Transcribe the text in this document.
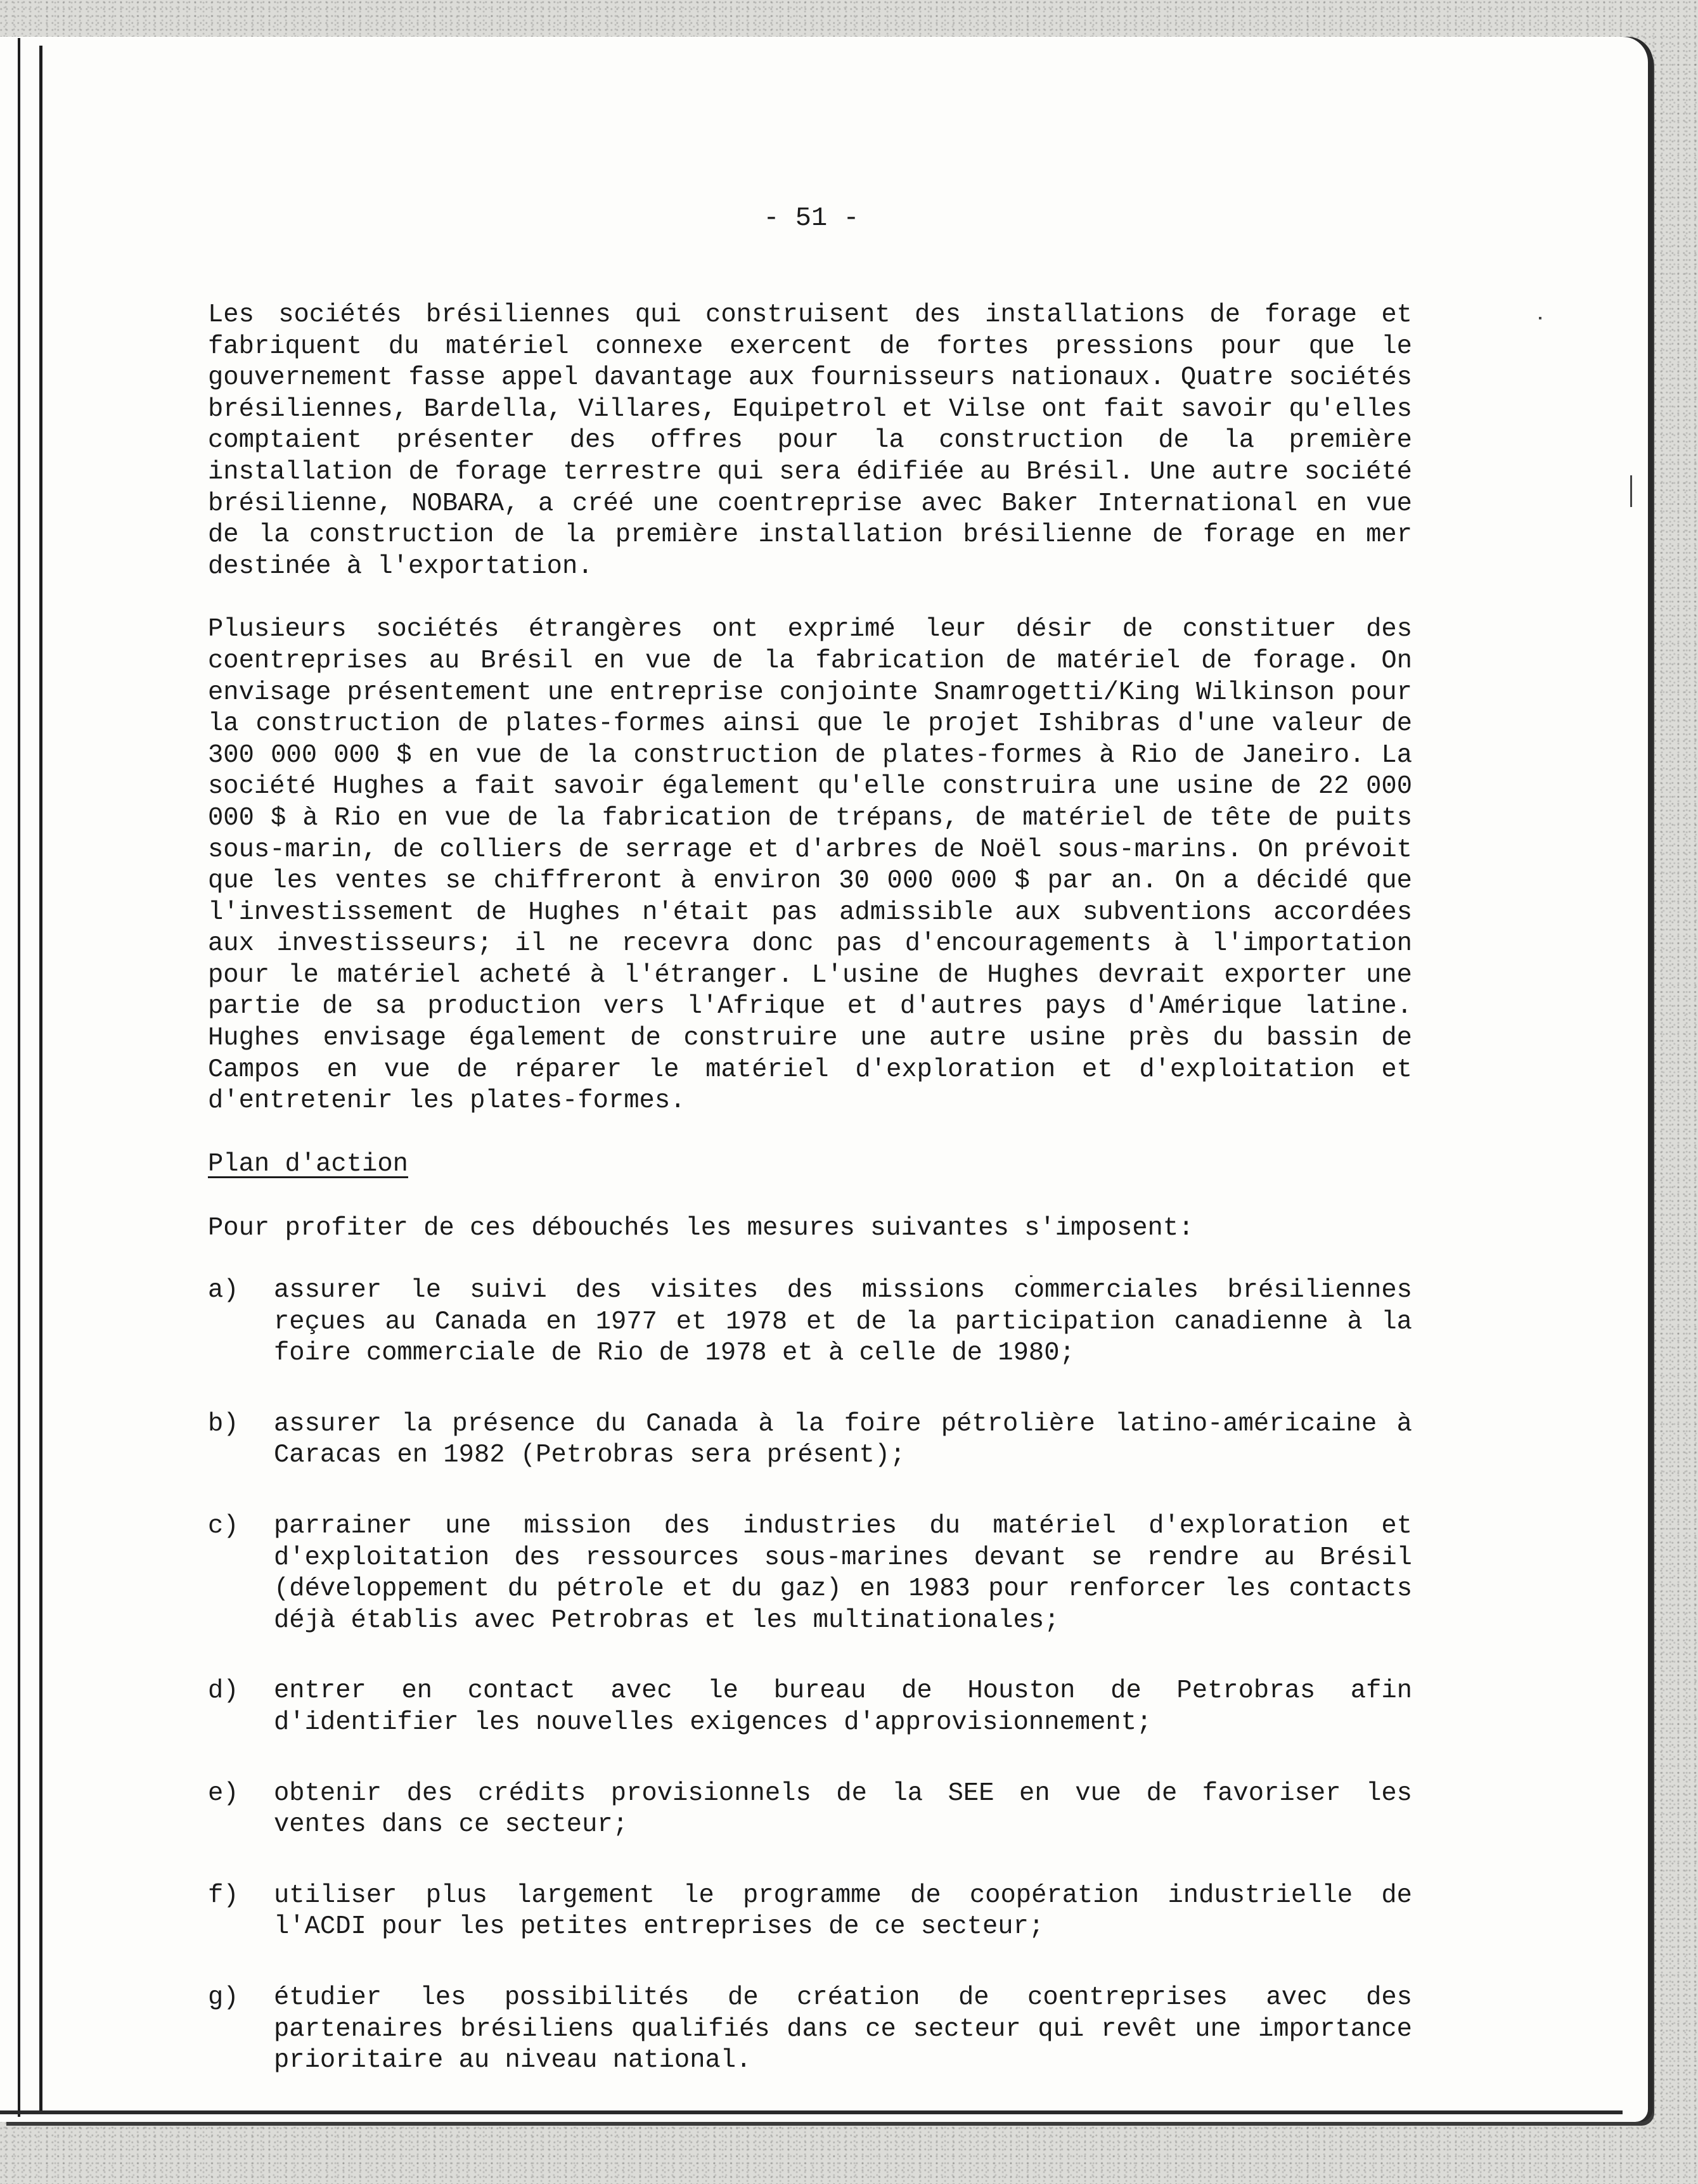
- 51 -

Les sociétés brésiliennes qui construisent des installations de forage et fabriquent du matériel connexe exercent de fortes pressions pour que le gouvernement fasse appel davantage aux fournisseurs nationaux. Quatre sociétés brésiliennes, Bardella, Villares, Equipetrol et Vilse ont fait savoir qu'elles comptaient présenter des offres pour la construction de la première installation de forage terrestre qui sera édifiée au Brésil. Une autre société brésilienne, NOBARA, a créé une coentreprise avec Baker International en vue de la construction de la première installation brésilienne de forage en mer destinée à l'exportation.

Plusieurs sociétés étrangères ont exprimé leur désir de constituer des coentreprises au Brésil en vue de la fabrication de matériel de forage. On envisage présentement une entreprise conjointe Snamrogetti/King Wilkinson pour la construction de plates-formes ainsi que le projet Ishibras d'une valeur de 300 000 000 $ en vue de la construction de plates-formes à Rio de Janeiro. La société Hughes a fait savoir également qu'elle construira une usine de 22 000 000 $ à Rio en vue de la fabrication de trépans, de matériel de tête de puits sous-marin, de colliers de serrage et d'arbres de Noël sous-marins. On prévoit que les ventes se chiffreront à environ 30 000 000 $ par an. On a décidé que l'investissement de Hughes n'était pas admissible aux subventions accordées aux investisseurs; il ne recevra donc pas d'encouragements à l'importation pour le matériel acheté à l'étranger. L'usine de Hughes devrait exporter une partie de sa production vers l'Afrique et d'autres pays d'Amérique latine. Hughes envisage également de construire une autre usine près du bassin de Campos en vue de réparer le matériel d'exploration et d'exploitation et d'entretenir les plates-formes.

Plan d'action
Pour profiter de ces débouchés les mesures suivantes s'imposent:
a)	assurer le suivi des visites des missions commerciales brésiliennes reçues au Canada en 1977 et 1978 et de la participation canadienne à la foire commerciale de Rio de 1978 et à celle de 1980;
b)	assurer la présence du Canada à la foire pétrolière latino-américaine à Caracas en 1982 (Petrobras sera présent);
c)	parrainer une mission des industries du matériel d'exploration et d'exploitation des ressources sous-marines devant se rendre au Brésil (développement du pétrole et du gaz) en 1983 pour renforcer les contacts déjà établis avec Petrobras et les multinationales;
d)	entrer en contact avec le bureau de Houston de Petrobras afin d'identifier les nouvelles exigences d'approvisionnement;
e)	obtenir des crédits provisionnels de la SEE en vue de favoriser les ventes dans ce secteur;
f)	utiliser plus largement le programme de coopération industrielle de l'ACDI pour les petites entreprises de ce secteur;
g)	étudier les possibilités de création de coentreprises avec des partenaires brésiliens qualifiés dans ce secteur qui revêt une importance prioritaire au niveau national.
